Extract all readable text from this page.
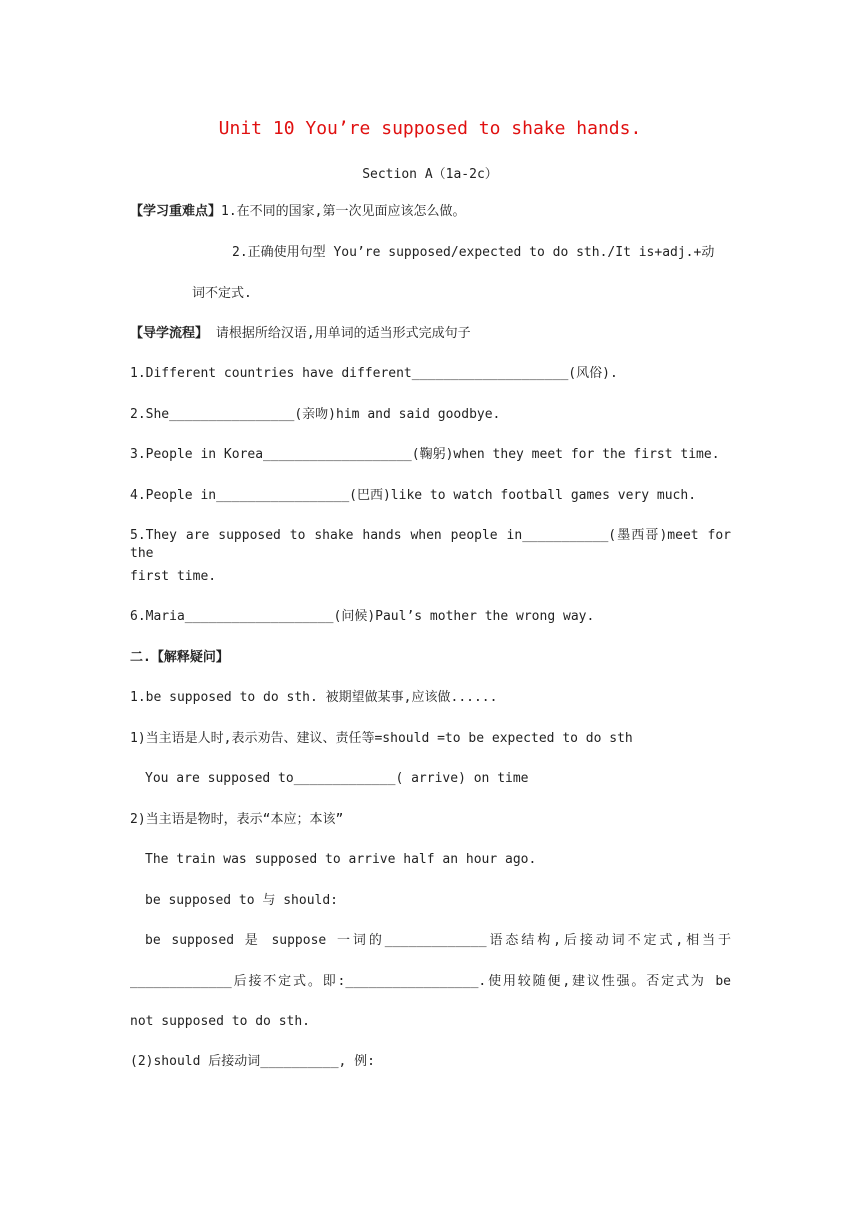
Unit 10 You’re supposed to shake hands.
Section A（1a-2c）
【学习重难点】1.在不同的国家,第一次见面应该怎么做。
2.正确使用句型 You’re supposed/expected to do sth./It is+adj.+动
词不定式.
【导学流程】 请根据所给汉语,用单词的适当形式完成句子
1.Different countries have different____________________(风俗).
2.She________________(亲吻)him and said goodbye.
3.People in Korea___________________(鞠躬)when they meet for the first time.
4.People in_________________(巴西)like to watch football games very much.
5.They are supposed to shake hands when people in___________(墨西哥)meet for the
first time.
6.Maria___________________(问候)Paul’s mother the wrong way.
二.【解释疑问】
1.be supposed to do sth. 被期望做某事,应该做......
1)当主语是人时,表示劝告、建议、责任等=should =to be expected to do sth
You are supposed to_____________( arrive) on time
2)当主语是物时，表示“本应；本该”
The train was supposed to arrive half an hour ago.
be supposed to 与 should:
be supposed 是 suppose 一词的_____________语态结构,后接动词不定式,相当于
_____________后接不定式。即:_________________.使用较随便,建议性强。否定式为 be
not supposed to do sth.
(2)should 后接动词__________, 例:
